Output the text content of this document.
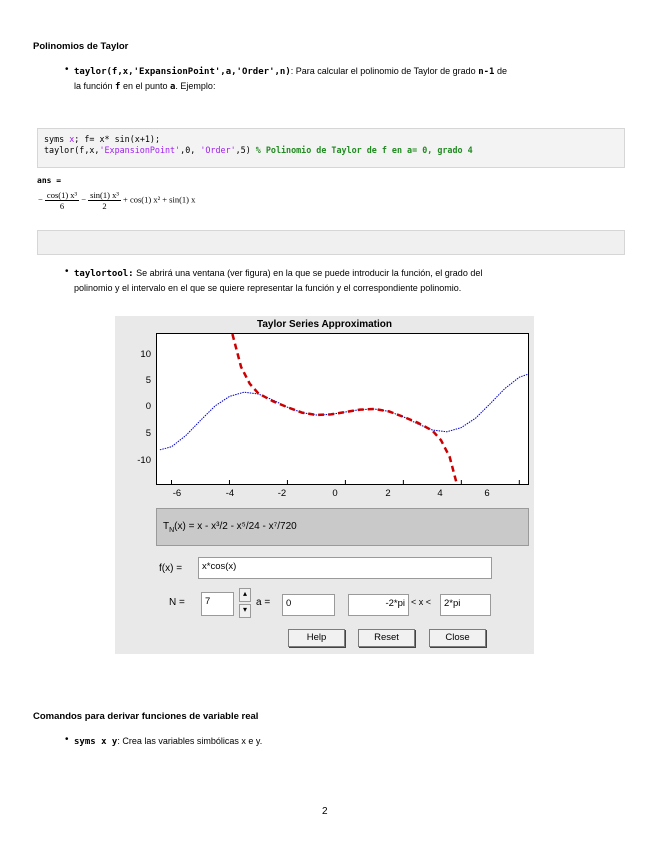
Polinomios de Taylor
• taylor(f,x,'ExpansionPoint',a,'Order',n): Para calcular el polinomio de Taylor de grado n-1 de
la función f en el punto a. Ejemplo:
syms x; f= x* sin(x+1);
taylor(f,x,'ExpansionPoint',0, 'Order',5) % Polinomio de Taylor de f en a= 0, grado 4
ans =
− $\frac{\text{cos(1) x³}}{6} - \frac{\text{sin(1) x³}}{2} + \cos(1) x^2 + \sin(1)$ x
• taylortool: Se abrirá una ventana (ver figura) en la que se puede introducir la función, el grado del
polinomio y el intervalo en el que se quiere representar la función y el correspondiente polinomio.
Taylor Series Approximation
10
5
0
5
-10
-6	-4	-2	0	2	4	6
$T_N(x) = x - x^3/2 - x^5/24 - x^7/720$
f(x) =	x*cos(x)
N =	7
▴
▾
a =	0	-2*pi < x <	2*pi
Help	Reset	Close
Comandos para derivar funciones de variable real
• syms x y: Crea las variables simbólicas x e y.
2
